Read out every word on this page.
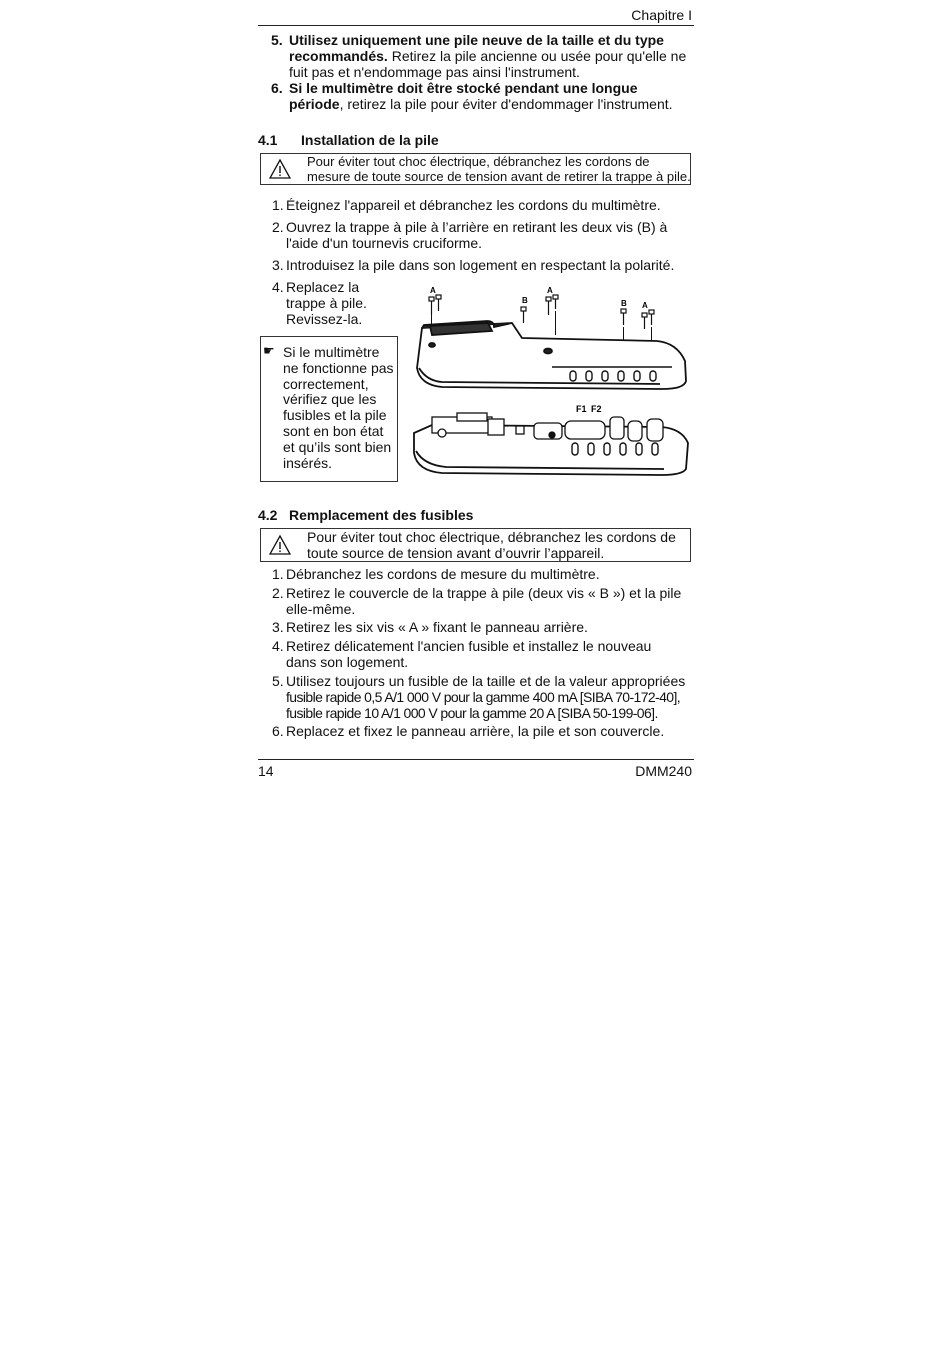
Chapitre I
5. Utilisez uniquement une pile neuve de la taille et du type recommandés. Retirez la pile ancienne ou usée pour qu'elle ne fuit pas et n'endommage pas ainsi l'instrument.
6. Si le multimètre doit être stocké pendant une longue période, retirez la pile pour éviter d'endommager l'instrument.
4.1 Installation de la pile
Pour éviter tout choc électrique, débranchez les cordons de mesure de toute source de tension avant de retirer la trappe à pile.
1. Éteignez l'appareil et débranchez les cordons du multimètre.
2. Ouvrez la trappe à pile à l’arrière en retirant les deux vis (B) à l'aide d'un tournevis cruciforme.
3. Introduisez la pile dans son logement en respectant la polarité.
4. Replacez la trappe à pile. Revissez-la.
☛ Si le multimètre ne fonctionne pas correctement, vérifiez que les fusibles et la pile sont en bon état et qu’ils sont bien insérés.
A
B
A
B A
F1 F2
4.2 Remplacement des fusibles
Pour éviter tout choc électrique, débranchez les cordons de toute source de tension avant d’ouvrir l’appareil.
1. Débranchez les cordons de mesure du multimètre.
2. Retirez le couvercle de la trappe à pile (deux vis « B ») et la pile elle-même.
3. Retirez les six vis « A » fixant le panneau arrière.
4. Retirez délicatement l'ancien fusible et installez le nouveau dans son logement.
5. Utilisez toujours un fusible de la taille et de la valeur appropriées
fusible rapide 0,5 A/1 000 V pour la gamme 400 mA [SIBA 70-172-40],
fusible rapide 10 A/1 000 V pour la gamme 20 A [SIBA 50-199-06].
6. Replacez et fixez le panneau arrière, la pile et son couvercle.
14	DMM240
